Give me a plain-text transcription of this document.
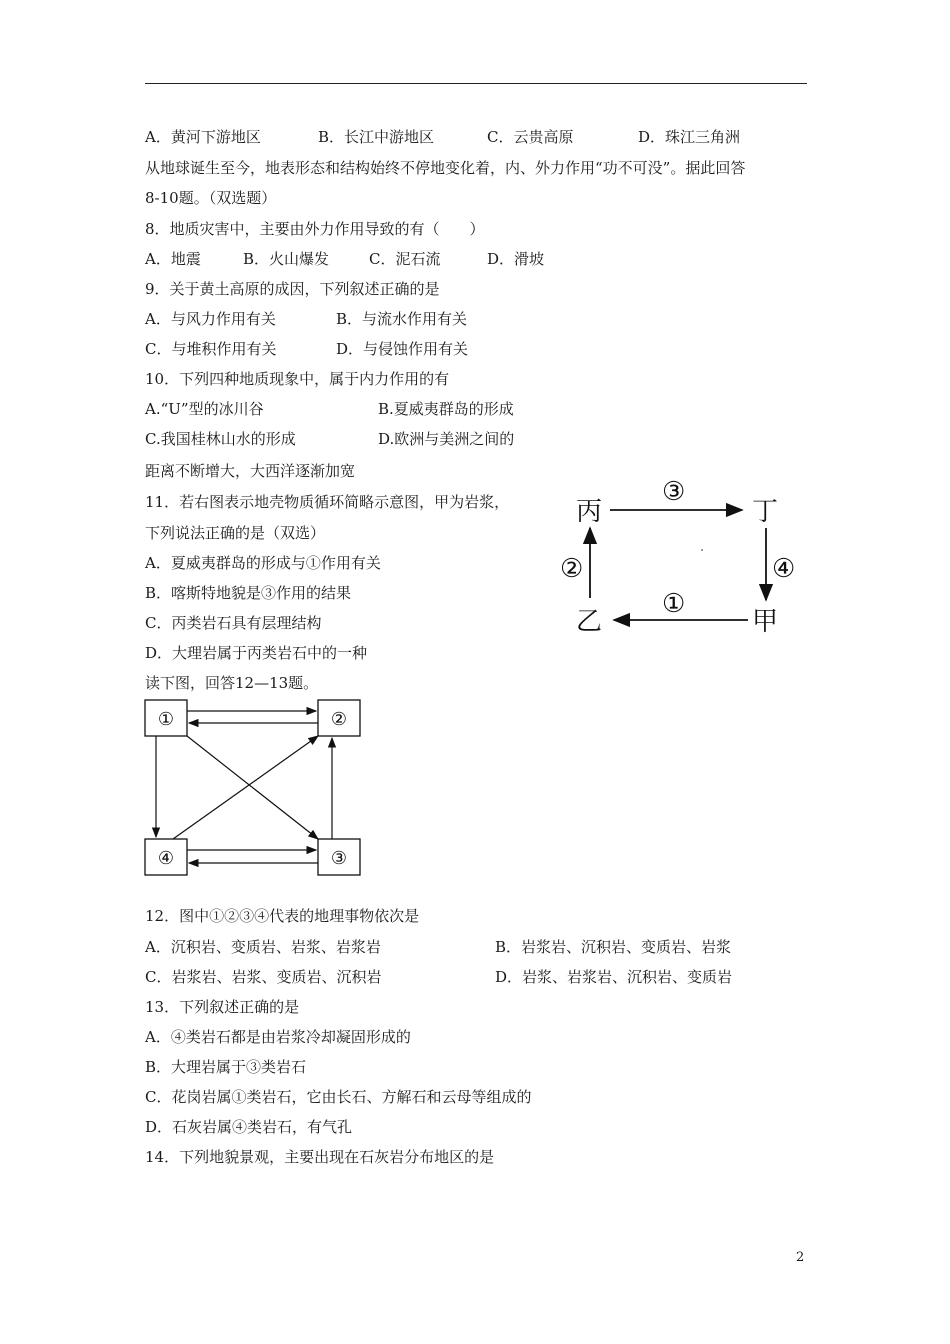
A．黄河下游地区	B．长江中游地区	C．云贵高原	D．珠江三角洲
从地球诞生至今，地表形态和结构始终不停地变化着，内、外力作用“功不可没”。据此回答
8-10题。（双选题）
8．地质灾害中，主要由外力作用导致的有（　　）
A．地震	B．火山爆发	C．泥石流	D．滑坡
9．关于黄土高原的成因，下列叙述正确的是
A．与风力作用有关	B．与流水作用有关
C．与堆积作用有关	D．与侵蚀作用有关
10．下列四种地质现象中，属于内力作用的有
A.“U”型的冰川谷	B.夏威夷群岛的形成
C.我国桂林山水的形成	D.欧洲与美洲之间的
距离不断增大，大西洋逐渐加宽
11．若右图表示地壳物质循环简略示意图，甲为岩浆，
下列说法正确的是（双选）
A．夏威夷群岛的形成与①作用有关
B．喀斯特地貌是③作用的结果
C．丙类岩石具有层理结构
D．大理岩属于丙类岩石中的一种
丙	丁
甲
乙
③
④
①
②
读下图，回答12—13题。
①	②
③
④
12．图中①②③④代表的地理事物依次是
A．沉积岩、变质岩、岩浆、岩浆岩	B．岩浆岩、沉积岩、变质岩、岩浆
C．岩浆岩、岩浆、变质岩、沉积岩	D．岩浆、岩浆岩、沉积岩、变质岩
13．下列叙述正确的是
A．④类岩石都是由岩浆冷却凝固形成的
B．大理岩属于③类岩石
C．花岗岩属①类岩石，它由长石、方解石和云母等组成的
D．石灰岩属④类岩石，有气孔
14．下列地貌景观，主要出现在石灰岩分布地区的是
2
